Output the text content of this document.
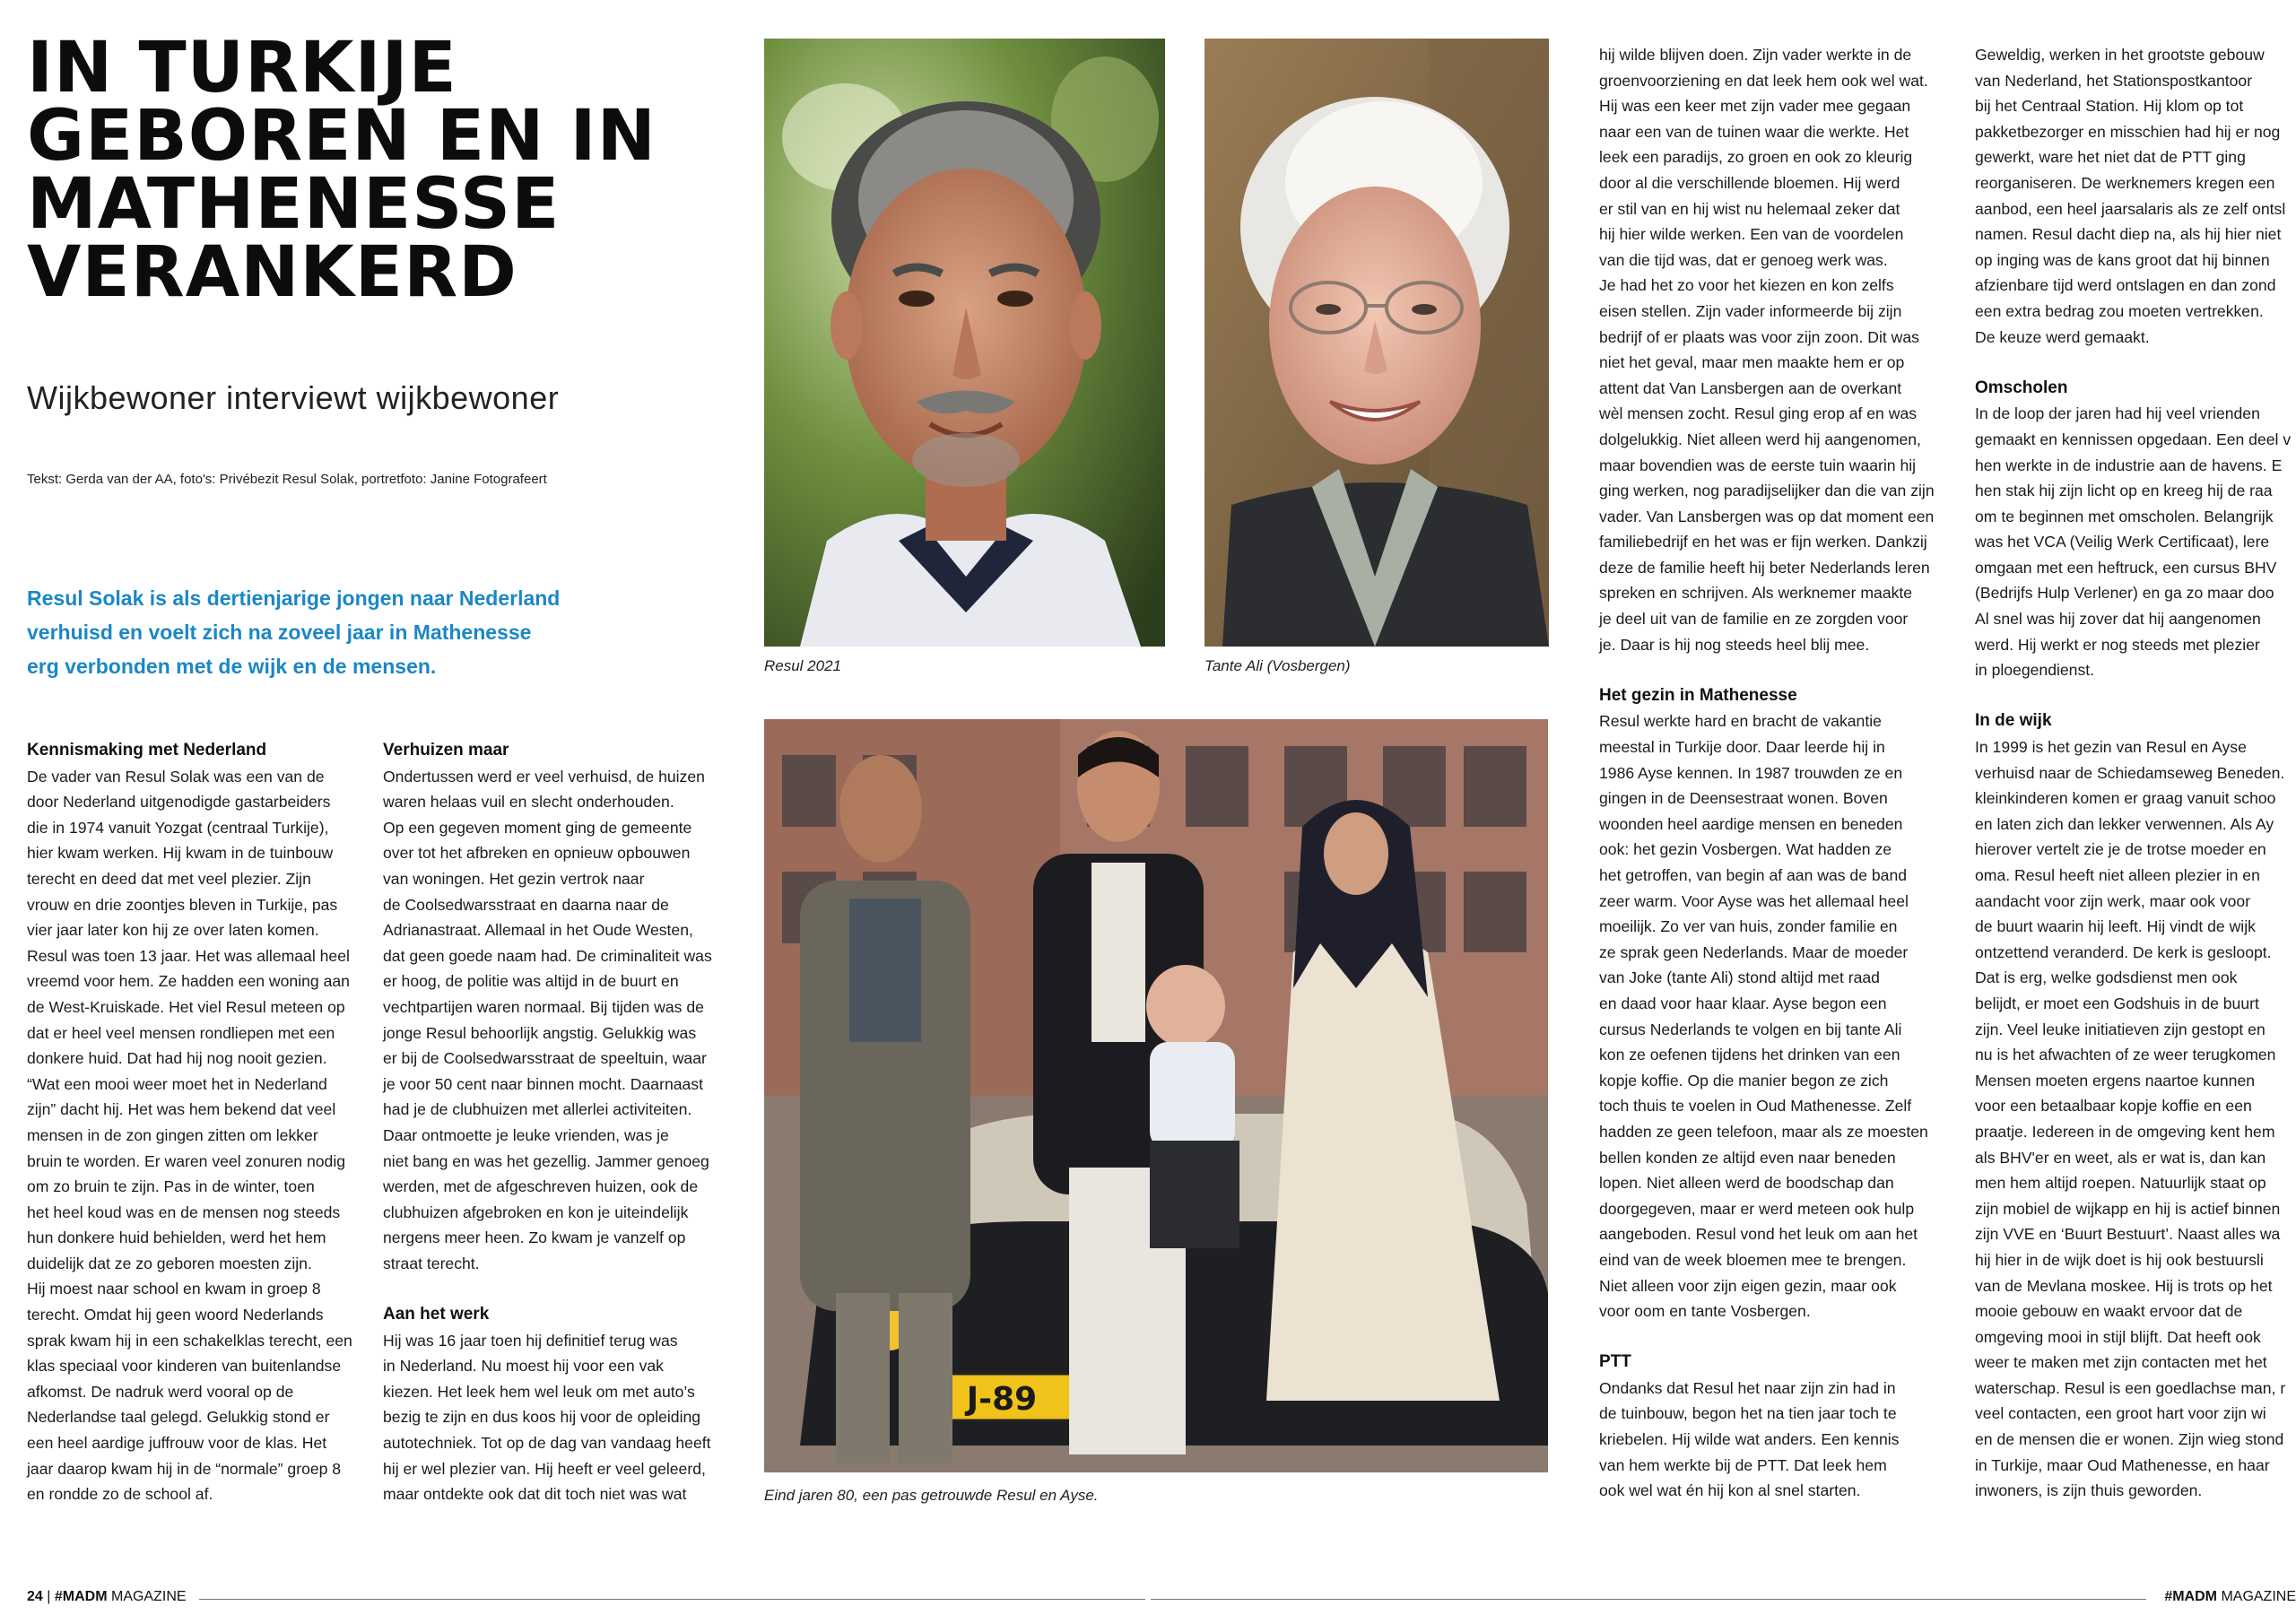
IN TURKIJE
GEBOREN EN IN
MATHENESSE
VERANKERD
Wijkbewoner interviewt wijkbewoner
Tekst: Gerda van der AA, foto's: Privébezit Resul Solak, portretfoto: Janine Fotografeert
Resul Solak is als dertienjarige jongen naar Nederland
verhuisd en voelt zich na zoveel jaar in Mathenesse
erg verbonden met de wijk en de mensen.	Resul 2021	Tante Ali (Vosbergen)
J-89
Eind jaren 80, een pas getrouwde Resul en Ayse.
Kennismaking met Nederland

De vader van Resul Solak was een van de
door Nederland uitgenodigde gastarbeiders
die in 1974 vanuit Yozgat (centraal Turkije),
hier kwam werken. Hij kwam in de tuinbouw
terecht en deed dat met veel plezier. Zijn
vrouw en drie zoontjes bleven in Turkije, pas
vier jaar later kon hij ze over laten komen.
Resul was toen 13 jaar. Het was allemaal heel
vreemd voor hem. Ze hadden een woning aan
de West-Kruiskade. Het viel Resul meteen op
dat er heel veel mensen rondliepen met een
donkere huid. Dat had hij nog nooit gezien.
“Wat een mooi weer moet het in Nederland
zijn” dacht hij. Het was hem bekend dat veel
mensen in de zon gingen zitten om lekker
bruin te worden. Er waren veel zonuren nodig
om zo bruin te zijn. Pas in de winter, toen
het heel koud was en de mensen nog steeds
hun donkere huid behielden, werd het hem
duidelijk dat ze zo geboren moesten zijn.
Hij moest naar school en kwam in groep 8
terecht. Omdat hij geen woord Nederlands
sprak kwam hij in een schakelklas terecht, een
klas speciaal voor kinderen van buitenlandse
afkomst. De nadruk werd vooral op de
Nederlandse taal gelegd. Gelukkig stond er
een heel aardige juffrouw voor de klas. Het
jaar daarop kwam hij in de “normale” groep 8
en rondde zo de school af.

Verhuizen maar

Ondertussen werd er veel verhuisd, de huizen
waren helaas vuil en slecht onderhouden.
Op een gegeven moment ging de gemeente
over tot het afbreken en opnieuw opbouwen
van woningen. Het gezin vertrok naar
de Coolsedwarsstraat en daarna naar de
Adrianastraat. Allemaal in het Oude Westen,
dat geen goede naam had. De criminaliteit was
er hoog, de politie was altijd in de buurt en
vechtpartijen waren normaal. Bij tijden was de
jonge Resul behoorlijk angstig. Gelukkig was
er bij de Coolsedwarsstraat de speeltuin, waar
je voor 50 cent naar binnen mocht. Daarnaast
had je de clubhuizen met allerlei activiteiten.
Daar ontmoette je leuke vrienden, was je
niet bang en was het gezellig. Jammer genoeg
werden, met de afgeschreven huizen, ook de
clubhuizen afgebroken en kon je uiteindelijk
nergens meer heen. Zo kwam je vanzelf op
straat terecht.

Aan het werk

Hij was 16 jaar toen hij definitief terug was
in Nederland. Nu moest hij voor een vak
kiezen. Het leek hem wel leuk om met auto’s
bezig te zijn en dus koos hij voor de opleiding
autotechniek. Tot op de dag van vandaag heeft
hij er wel plezier van. Hij heeft er veel geleerd,
maar ontdekte ook dat dit toch niet was wat

hij wilde blijven doen. Zijn vader werkte in de
groenvoorziening en dat leek hem ook wel wat.
Hij was een keer met zijn vader mee gegaan
naar een van de tuinen waar die werkte. Het
leek een paradijs, zo groen en ook zo kleurig
door al die verschillende bloemen. Hij werd
er stil van en hij wist nu helemaal zeker dat
hij hier wilde werken. Een van de voordelen
van die tijd was, dat er genoeg werk was.
Je had het zo voor het kiezen en kon zelfs
eisen stellen. Zijn vader informeerde bij zijn
bedrijf of er plaats was voor zijn zoon. Dit was
niet het geval, maar men maakte hem er op
attent dat Van Lansbergen aan de overkant
wèl mensen zocht. Resul ging erop af en was
dolgelukkig. Niet alleen werd hij aangenomen,
maar bovendien was de eerste tuin waarin hij
ging werken, nog paradijselijker dan die van zijn
vader. Van Lansbergen was op dat moment een
familiebedrijf en het was er fijn werken. Dankzij
deze de familie heeft hij beter Nederlands leren
spreken en schrijven. Als werknemer maakte
je deel uit van de familie en ze zorgden voor
je. Daar is hij nog steeds heel blij mee.

Het gezin in Mathenesse

Resul werkte hard en bracht de vakantie
meestal in Turkije door. Daar leerde hij in
1986 Ayse kennen. In 1987 trouwden ze en
gingen in de Deensestraat wonen. Boven
woonden heel aardige mensen en beneden
ook: het gezin Vosbergen. Wat hadden ze
het getroffen, van begin af aan was de band
zeer warm. Voor Ayse was het allemaal heel
moeilijk. Zo ver van huis, zonder familie en
ze sprak geen Nederlands. Maar de moeder
van Joke (tante Ali) stond altijd met raad
en daad voor haar klaar. Ayse begon een
cursus Nederlands te volgen en bij tante Ali
kon ze oefenen tijdens het drinken van een
kopje koffie. Op die manier begon ze zich
toch thuis te voelen in Oud Mathenesse. Zelf
hadden ze geen telefoon, maar als ze moesten
bellen konden ze altijd even naar beneden
lopen. Niet alleen werd de boodschap dan
doorgegeven, maar er werd meteen ook hulp
aangeboden. Resul vond het leuk om aan het
eind van de week bloemen mee te brengen.
Niet alleen voor zijn eigen gezin, maar ook
voor oom en tante Vosbergen.

PTT

Ondanks dat Resul het naar zijn zin had in
de tuinbouw, begon het na tien jaar toch te
kriebelen. Hij wilde wat anders. Een kennis
van hem werkte bij de PTT. Dat leek hem
ook wel wat én hij kon al snel starten.

Geweldig, werken in het grootste gebouw
van Nederland, het Stationspostkantoor
bij het Centraal Station. Hij klom op tot
pakketbezorger en misschien had hij er nog
gewerkt, ware het niet dat de PTT ging
reorganiseren. De werknemers kregen een
aanbod, een heel jaarsalaris als ze zelf ontsl
namen. Resul dacht diep na, als hij hier niet
op inging was de kans groot dat hij binnen
afzienbare tijd werd ontslagen en dan zond
een extra bedrag zou moeten vertrekken.
De keuze werd gemaakt.

Omscholen

In de loop der jaren had hij veel vrienden
gemaakt en kennissen opgedaan. Een deel v
hen werkte in de industrie aan de havens. E
hen stak hij zijn licht op en kreeg hij de raa
om te beginnen met omscholen. Belangrijk
was het VCA (Veilig Werk Certificaat), lere
omgaan met een heftruck, een cursus BHV
(Bedrijfs Hulp Verlener) en ga zo maar doo
Al snel was hij zover dat hij aangenomen
werd. Hij werkt er nog steeds met plezier
in ploegendienst.

In de wijk

In 1999 is het gezin van Resul en Ayse
verhuisd naar de Schiedamseweg Beneden.
kleinkinderen komen er graag vanuit schoo
en laten zich dan lekker verwennen. Als Ay
hierover vertelt zie je de trotse moeder en
oma. Resul heeft niet alleen plezier in en
aandacht voor zijn werk, maar ook voor
de buurt waarin hij leeft. Hij vindt de wijk
ontzettend veranderd. De kerk is gesloopt.
Dat is erg, welke godsdienst men ook
belijdt, er moet een Godshuis in de buurt
zijn. Veel leuke initiatieven zijn gestopt en
nu is het afwachten of ze weer terugkomen
Mensen moeten ergens naartoe kunnen
voor een betaalbaar kopje koffie en een
praatje. Iedereen in de omgeving kent hem
als BHV'er en weet, als er wat is, dan kan
men hem altijd roepen. Natuurlijk staat op
zijn mobiel de wijkapp en hij is actief binnen
zijn VVE en ‘Buurt Bestuurt’. Naast alles wa
hij hier in de wijk doet is hij ook bestuursli
van de Mevlana moskee. Hij is trots op het
mooie gebouw en waakt ervoor dat de
omgeving mooi in stijl blijft. Dat heeft ook
weer te maken met zijn contacten met het
waterschap. Resul is een goedlachse man, r
veel contacten, een groot hart voor zijn wi
en de mensen die er wonen. Zijn wieg stond
in Turkije, maar Oud Mathenesse, en haar
inwoners, is zijn thuis geworden.

24 | #MADM MAGAZINE	#MADM MAGAZINE
